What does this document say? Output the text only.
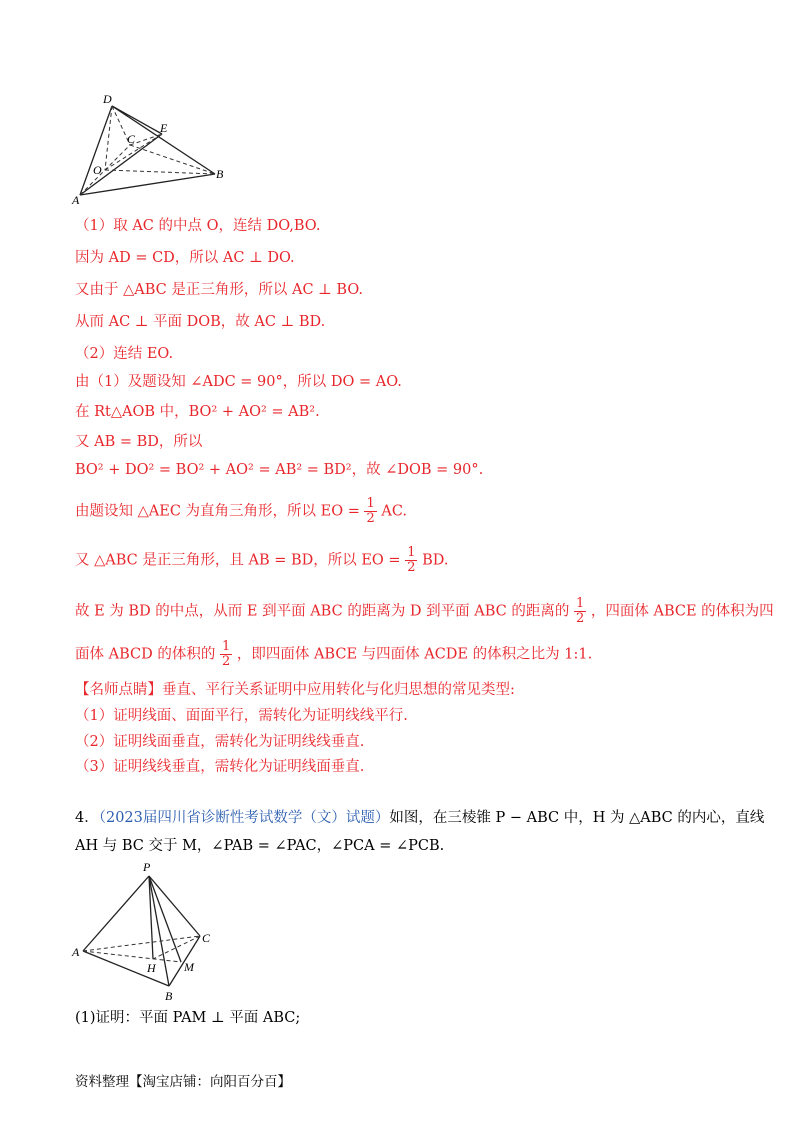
D
E
C
O	B
A
（1）取 AC 的中点 O，连结 DO,BO.
因为 AD = CD，所以 AC ⊥ DO.
又由于 △ABC 是正三角形，所以 AC ⊥ BO.
从而 AC ⊥ 平面 DOB，故 AC ⊥ BD.
（2）连结 EO.
由（1）及题设知 ∠ADC = 90°，所以 DO = AO.
在 Rt△AOB 中，BO² + AO² = AB².
又 AB = BD，所以
BO² + DO² = BO² + AO² = AB² = BD²，故 ∠DOB = 90°.
由题设知 △AEC 为直角三角形，所以 EO = $\frac{1}{2}$ AC.
又 △ABC 是正三角形，且 AB = BD，所以 EO = $\frac{1}{2}$ BD.
故 E 为 BD 的中点，从而 E 到平面 ABC 的距离为 D 到平面 ABC 的距离的 $\frac{1}{2}$ ，四面体 ABCE 的体积为四
面体 ABCD 的体积的 $\frac{1}{2}$ ，即四面体 ABCE 与四面体 ACDE 的体积之比为 1:1.
【名师点睛】垂直、平行关系证明中应用转化与化归思想的常见类型:
（1）证明线面、面面平行，需转化为证明线线平行.
（2）证明线面垂直，需转化为证明线线垂直.
（3）证明线线垂直，需转化为证明线面垂直.
4．（2023届四川省诊断性考试数学（文）试题）如图，在三棱锥 P − ABC 中，H 为 △ABC 的内心，直线
AH 与 BC 交于 M，∠PAB = ∠PAC，∠PCA = ∠PCB.
P
A
C
H M
B
(1)证明：平面 PAM ⊥ 平面 ABC;
资料整理【淘宝店铺：向阳百分百】
